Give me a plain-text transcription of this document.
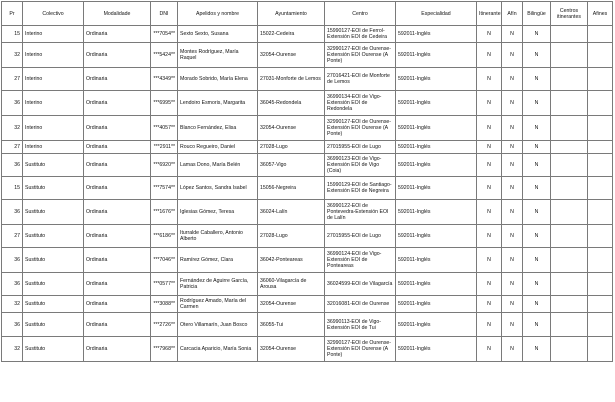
Pr	Colectivo	Modalidade	DNI	Apelidos y nombre	Ayuntamiento	Centro	Especialidad	Itinerante	Afín	Bilingüe	Centros itinerantes	Afines
15	Interino	Ordinaria	***7054**	Sexto Sexto, Susana	15022-Cedeira	15990127-EOI de Ferrol-Extensión EOI de Cedeira	592011-Inglés	N	N	N		
32	Interino	Ordinaria	***5424**	Montes Rodríguez, María Raquel	32054-Ourense	32990127-EOI de Ourense-Extensión EOI Ourense (A Ponte)	592011-Inglés	N	N	N		
27	Interino	Ordinaria	***4349**	Morado Sobrido, María Elena	27031-Monforte de Lemos	27016421-EOI de Monforte de Lemos	592011-Inglés	N	N	N		
36	Interino	Ordinaria	***6995**	Lendoiro Esmoris, Margarita	36045-Redondela	36990134-EOI de Vigo-Extensión EOI de Redondela	592011-Inglés	N	N	N		
32	Interino	Ordinaria	***4057**	Blanco Fernández, Elisa	32054-Ourense	32990127-EOI de Ourense-Extensión EOI Ourense (A Ponte)	592011-Inglés	N	N	N		
27	Interino	Ordinaria	***2911**	Rouco Regueiro, Daniel	27028-Lugo	27015955-EOI de Lugo	592011-Inglés	N	N	N		
36	Sustituto	Ordinaria	***6920**	Lamas Dono, María Belén	36057-Vigo	36990123-EOI de Vigo-Extensión EOI de Vigo (Coia)	592011-Inglés	N	N	N		
15	Sustituto	Ordinaria	***7574**	López Santos, Sandra Isabel	15056-Negreira	15990129-EOI de Santiago-Extensión EOI de Negreira	592011-Inglés	N	N	N		
36	Sustituto	Ordinaria	***1676**	Iglesias Gómez, Teresa	36024-Lalín	36990122-EOI de Pontevedra-Extensión EOI de Lalín	592011-Inglés	N	N	N		
27	Sustituto	Ordinaria	***6186**	Iturralde Caballero, Antonio Alberto	27028-Lugo	27015955-EOI de Lugo	592011-Inglés	N	N	N		
36	Sustituto	Ordinaria	***7046**	Ramírez Gómez, Clara	36042-Ponteareas	36990124-EOI de Vigo-Extensión EOI de Ponteareas	592011-Inglés	N	N	N		
36	Sustituto	Ordinaria	***0577**	Fernández de Aguirre García, Patricia	36060-Vilagarcía de Arousa	36024599-EOI de Vilagarcía	592011-Inglés	N	N	N		
32	Sustituto	Ordinaria	***3088**	Rodríguez Amado, María del Carmen	32054-Ourense	32016081-EOI de Ourense	592011-Inglés	N	N	N		
36	Sustituto	Ordinaria	***2726**	Otero Villamarín, Juan Bosco	36055-Tui	36990113-EOI de Vigo-Extensión EOI de Tui	592011-Inglés	N	N	N		
32	Sustituto	Ordinaria	***7968**	Carcacia Aparicio, María Sonia	32054-Ourense	32990127-EOI de Ourense-Extensión EOI Ourense (A Ponte)	592011-Inglés	N	N	N		
